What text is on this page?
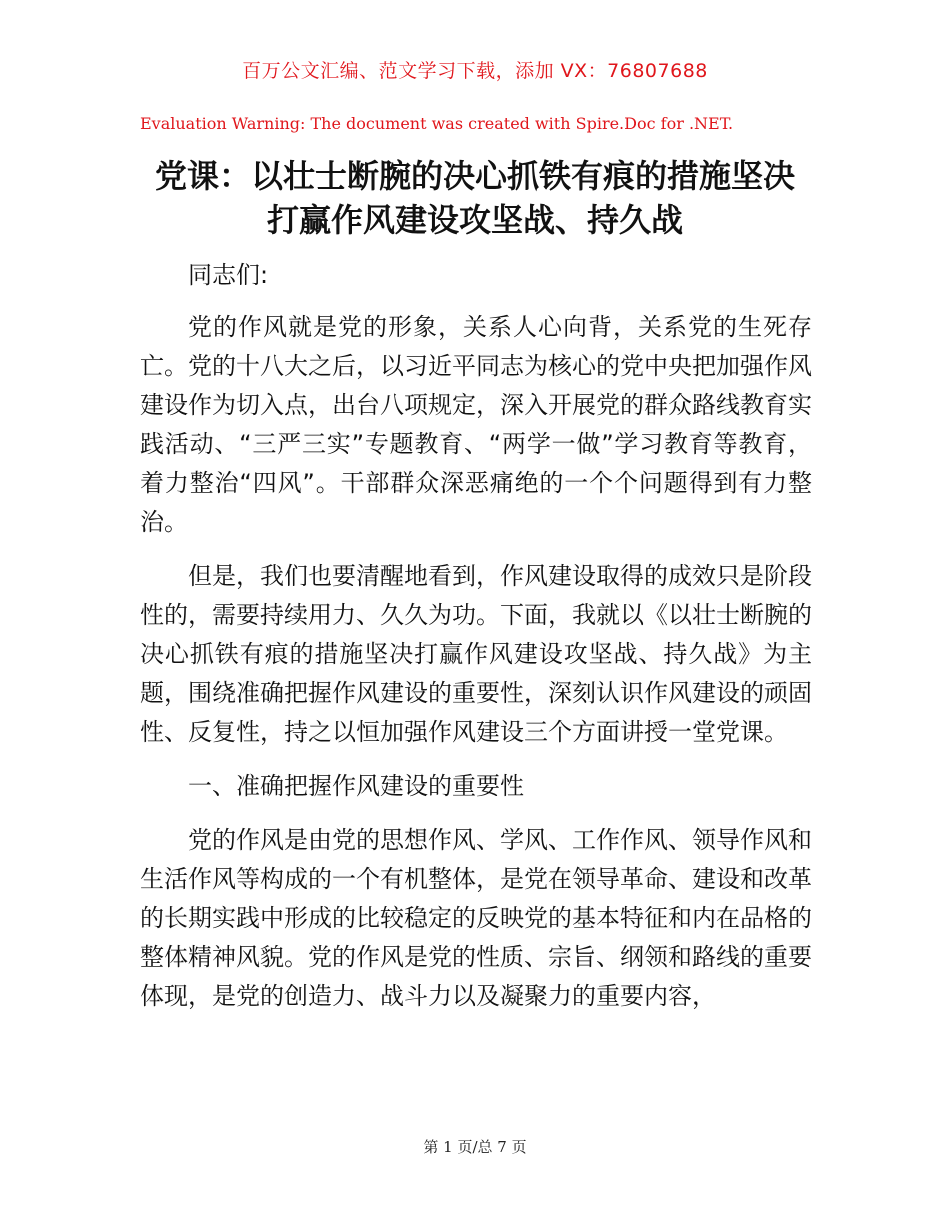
百万公文汇编、范文学习下载，添加 VX：76807688
Evaluation Warning: The document was created with Spire.Doc for .NET.
党课：以壮士断腕的决心抓铁有痕的措施坚决
打赢作风建设攻坚战、持久战

同志们:

党的作风就是党的形象，关系人心向背，关系党的生死存亡。党的十八大之后，以习近平同志为核心的党中央把加强作风建设作为切入点，出台八项规定，深入开展党的群众路线教育实践活动、“三严三实”专题教育、“两学一做”学习教育等教育，着力整治“四风”。干部群众深恶痛绝的一个个问题得到有力整治。

但是，我们也要清醒地看到，作风建设取得的成效只是阶段性的，需要持续用力、久久为功。下面，我就以《以壮士断腕的决心抓铁有痕的措施坚决打赢作风建设攻坚战、持久战》为主题，围绕准确把握作风建设的重要性，深刻认识作风建设的顽固性、反复性，持之以恒加强作风建设三个方面讲授一堂党课。

一、准确把握作风建设的重要性

党的作风是由党的思想作风、学风、工作作风、领导作风和生活作风等构成的一个有机整体，是党在领导革命、建设和改革的长期实践中形成的比较稳定的反映党的基本特征和内在品格的整体精神风貌。党的作风是党的性质、宗旨、纲领和路线的重要体现，是党的创造力、战斗力以及凝聚力的重要内容，

第 1 页/总 7 页
